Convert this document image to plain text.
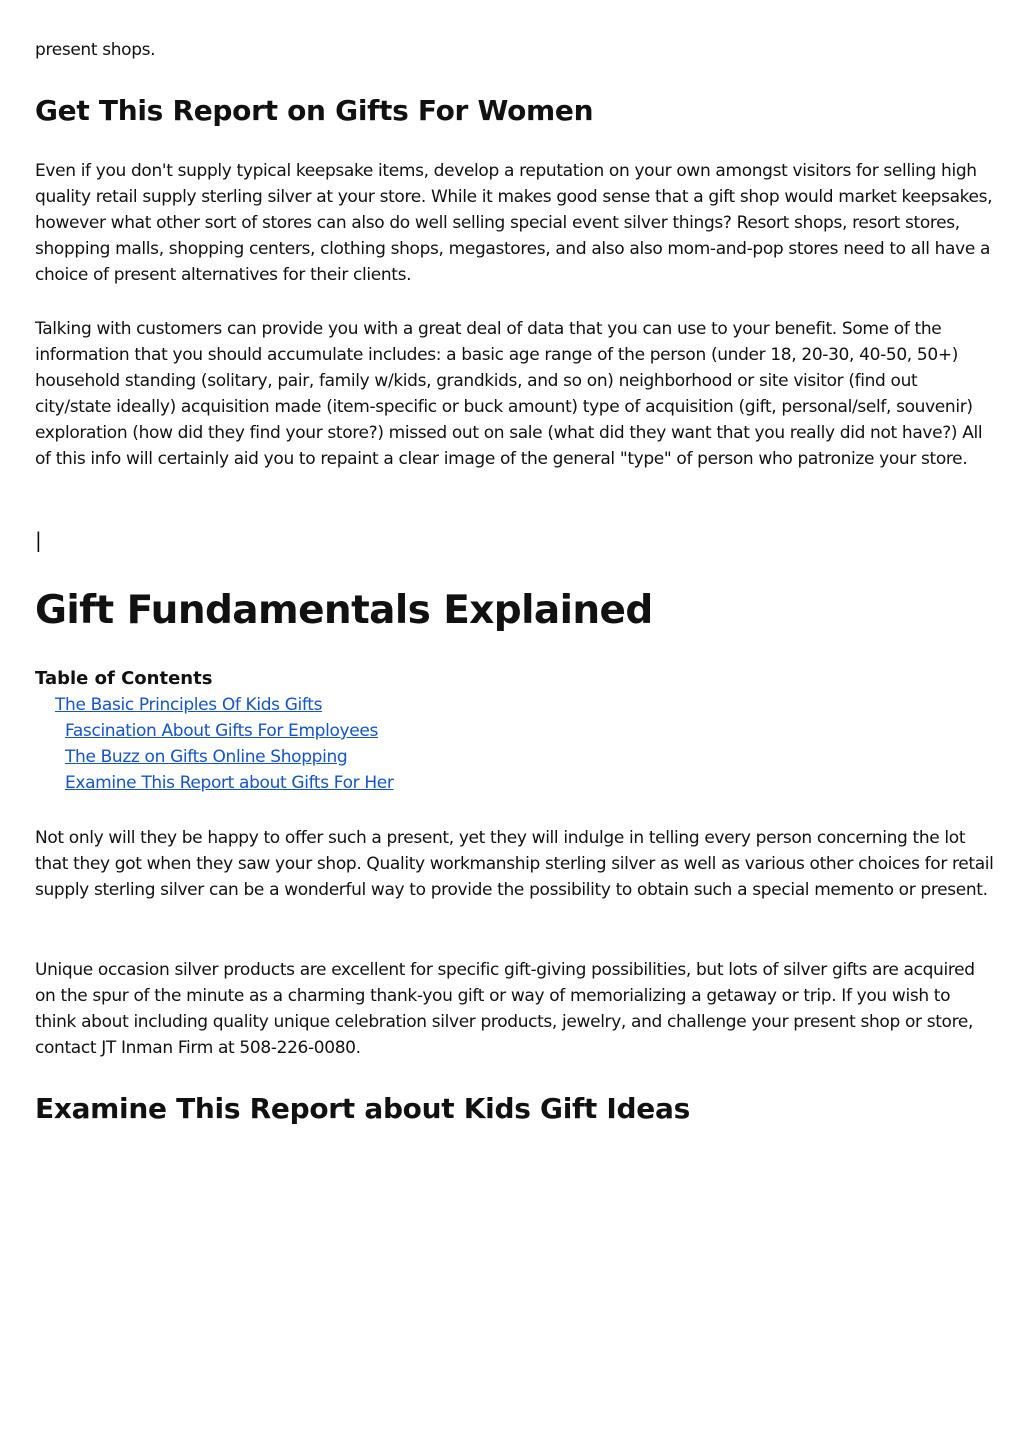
present shops.

Get This Report on Gifts For Women

Even if you don't supply typical keepsake items, develop a reputation on your own amongst visitors for selling high quality retail supply sterling silver at your store. While it makes good sense that a gift shop would market keepsakes, however what other sort of stores can also do well selling special event silver things? Resort shops, resort stores, shopping malls, shopping centers, clothing shops, megastores, and also also mom-and-pop stores need to all have a choice of present alternatives for their clients.

Talking with customers can provide you with a great deal of data that you can use to your benefit. Some of the information that you should accumulate includes: a basic age range of the person (under 18, 20-30, 40-50, 50+) household standing (solitary, pair, family w/kids, grandkids, and so on) neighborhood or site visitor (find out city/state ideally) acquisition made (item-specific or buck amount) type of acquisition (gift, personal/self, souvenir) exploration (how did they find your store?) missed out on sale (what did they want that you really did not have?) All of this info will certainly aid you to repaint a clear image of the general "type" of person who patronize your store.

|

Gift Fundamentals Explained

Table of Contents

The Basic Principles Of Kids Gifts
Fascination About Gifts For Employees
The Buzz on Gifts Online Shopping
Examine This Report about Gifts For Her

Not only will they be happy to offer such a present, yet they will indulge in telling every person concerning the lot that they got when they saw your shop. Quality workmanship sterling silver as well as various other choices for retail supply sterling silver can be a wonderful way to provide the possibility to obtain such a special memento or present.

Unique occasion silver products are excellent for specific gift-giving possibilities, but lots of silver gifts are acquired on the spur of the minute as a charming thank-you gift or way of memorializing a getaway or trip. If you wish to think about including quality unique celebration silver products, jewelry, and challenge your present shop or store, contact JT Inman Firm at 508-226-0080.

Examine This Report about Kids Gift Ideas
